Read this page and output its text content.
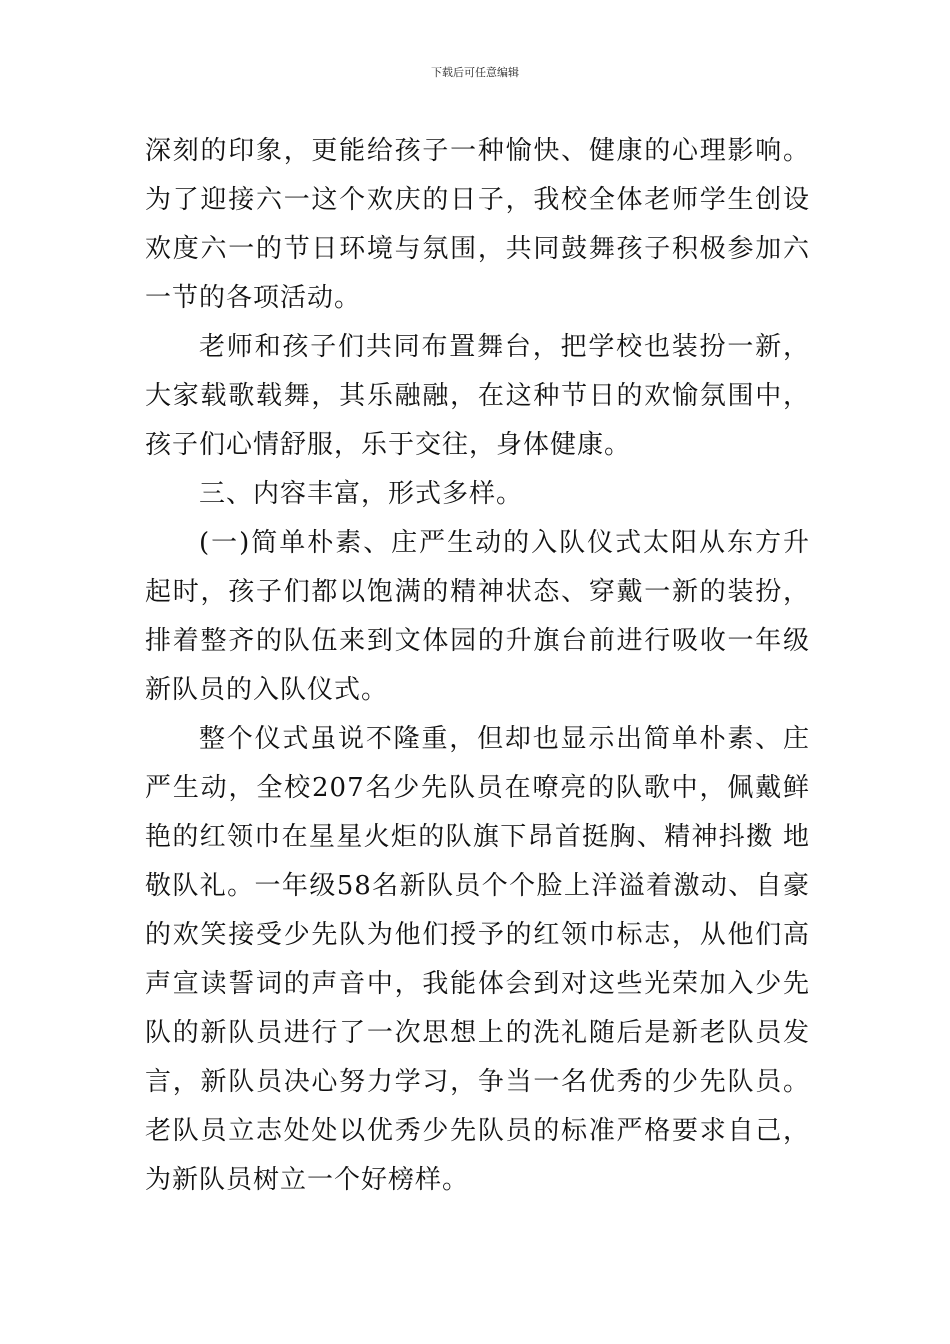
下载后可任意编辑

深刻的印象，更能给孩子一种愉快、健康的心理影响。为了迎接六一这个欢庆的日子，我校全体老师学生创设欢度六一的节日环境与氛围，共同鼓舞孩子积极参加六一节的各项活动。

老师和孩子们共同布置舞台，把学校也装扮一新，大家载歌载舞，其乐融融，在这种节日的欢愉氛围中，孩子们心情舒服，乐于交往，身体健康。

三、内容丰富，形式多样。

(一)简单朴素、庄严生动的入队仪式太阳从东方升起时，孩子们都以饱满的精神状态、穿戴一新的装扮，排着整齐的队伍来到文体园的升旗台前进行吸收一年级新队员的入队仪式。

整个仪式虽说不隆重，但却也显示出简单朴素、庄严生动，全校207名少先队员在嘹亮的队歌中，佩戴鲜艳的红领巾在星星火炬的队旗下昂首挺胸、精神抖擞 地敬队礼。一年级58名新队员个个脸上洋溢着激动、自豪的欢笑接受少先队为他们授予的红领巾标志，从他们高声宣读誓词的声音中，我能体会到对这些光荣加入少先队的新队员进行了一次思想上的洗礼随后是新老队员发言，新队员决心努力学习，争当一名优秀的少先队员。老队员立志处处以优秀少先队员的标准严格要求自己，为新队员树立一个好榜样。
